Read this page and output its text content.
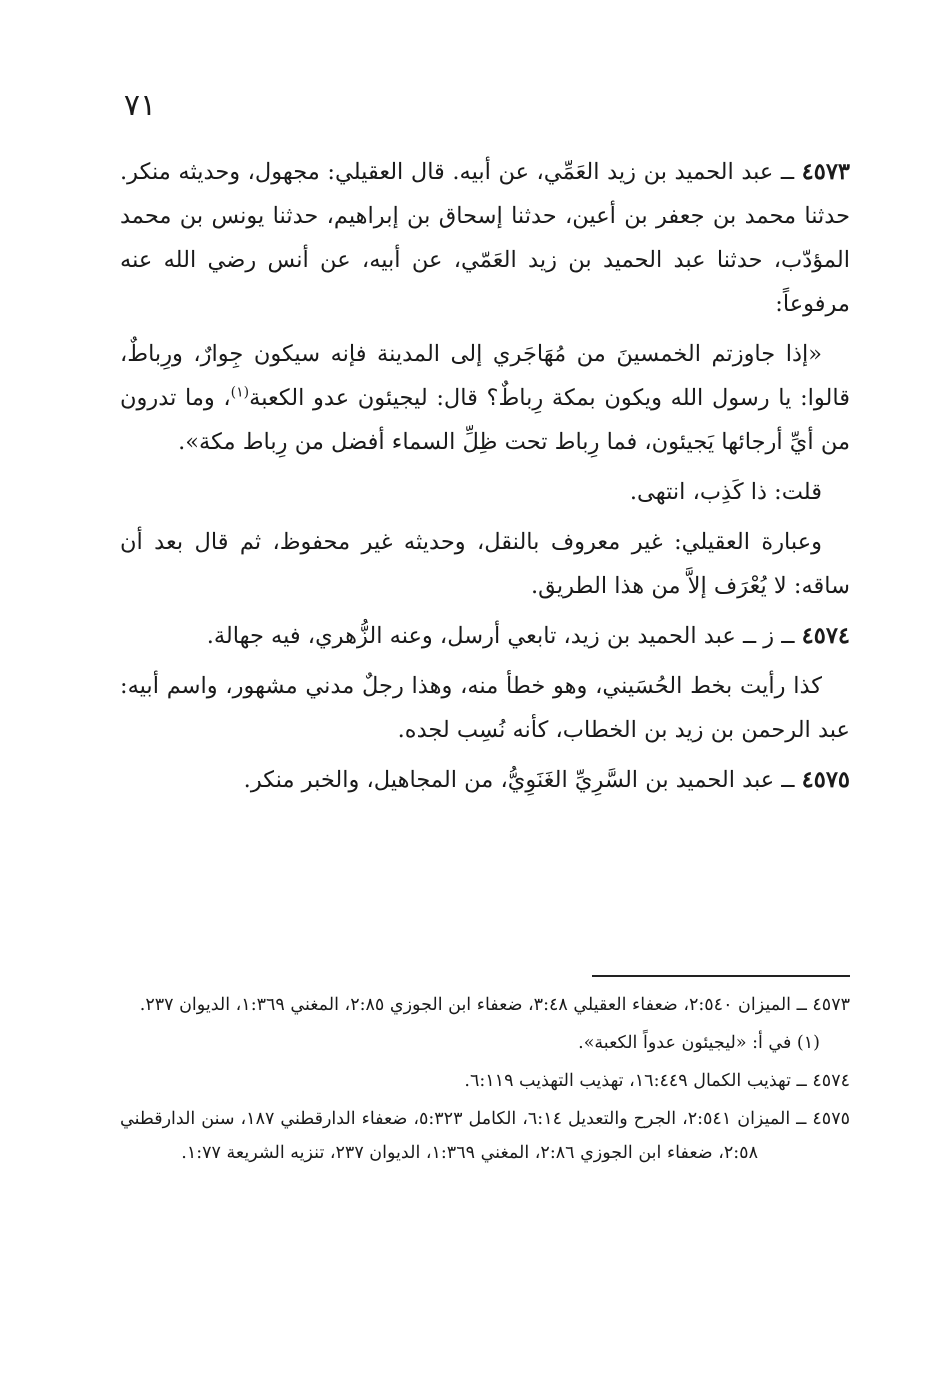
٧١

٤٥٧٣ ــ عبد الحميد بن زيد العَمِّي، عن أبيه. قال العقيلي: مجهول، وحديثه منكر. حدثنا محمد بن جعفر بن أعين، حدثنا إسحاق بن إبراهيم، حدثنا يونس بن محمد المؤدّب، حدثنا عبد الحميد بن زيد العَمّي، عن أبيه، عن أنس رضي الله عنه مرفوعاً:

«إذا جاوزتم الخمسينَ من مُهَاجَري إلى المدينة فإنه سيكون جِوارٌ، ورِباطٌ، قالوا: يا رسول الله ويكون بمكة رِباطٌ؟ قال: ليجيئون عدو الكعبة$^{(١)}$، وما تدرون من أيِّ أرجائها يَجيئون، فما رِباط تحت ظِلِّ السماء أفضل من رِباط مكة».

قلت: ذا كَذِب، انتهى.

وعبارة العقيلي: غير معروف بالنقل، وحديثه غير محفوظ، ثم قال بعد أن ساقه: لا يُعْرَف إلاَّ من هذا الطريق.

٤٥٧٤ ــ ز ــ عبد الحميد بن زيد، تابعي أرسل، وعنه الزُّهري، فيه جهالة.

كذا رأيت بخط الحُسَيني، وهو خطأ منه، وهذا رجلٌ مدني مشهور، واسم أبيه: عبد الرحمن بن زيد بن الخطاب، كأنه نُسِب لجده.

٤٥٧٥ ــ عبد الحميد بن السَّرِيِّ الغَنَوِيُّ، من المجاهيل، والخبر منكر.

٤٥٧٣ ــ الميزان ٢:٥٤٠، ضعفاء العقيلي ٣:٤٨، ضعفاء ابن الجوزي ٢:٨٥، المغني ١:٣٦٩، الديوان ٢٣٧.

(١) في أ: «ليجيئون عدواً الكعبة».

٤٥٧٤ ــ تهذيب الكمال ١٦:٤٤٩، تهذيب التهذيب ٦:١١٩.

٤٥٧٥ ــ الميزان ٢:٥٤١، الجرح والتعديل ٦:١٤، الكامل ٥:٣٢٣، ضعفاء الدارقطني ١٨٧، سنن الدارقطني ٢:٥٨، ضعفاء ابن الجوزي ٢:٨٦، المغني ١:٣٦٩، الديوان ٢٣٧، تنزيه الشريعة ١:٧٧.
